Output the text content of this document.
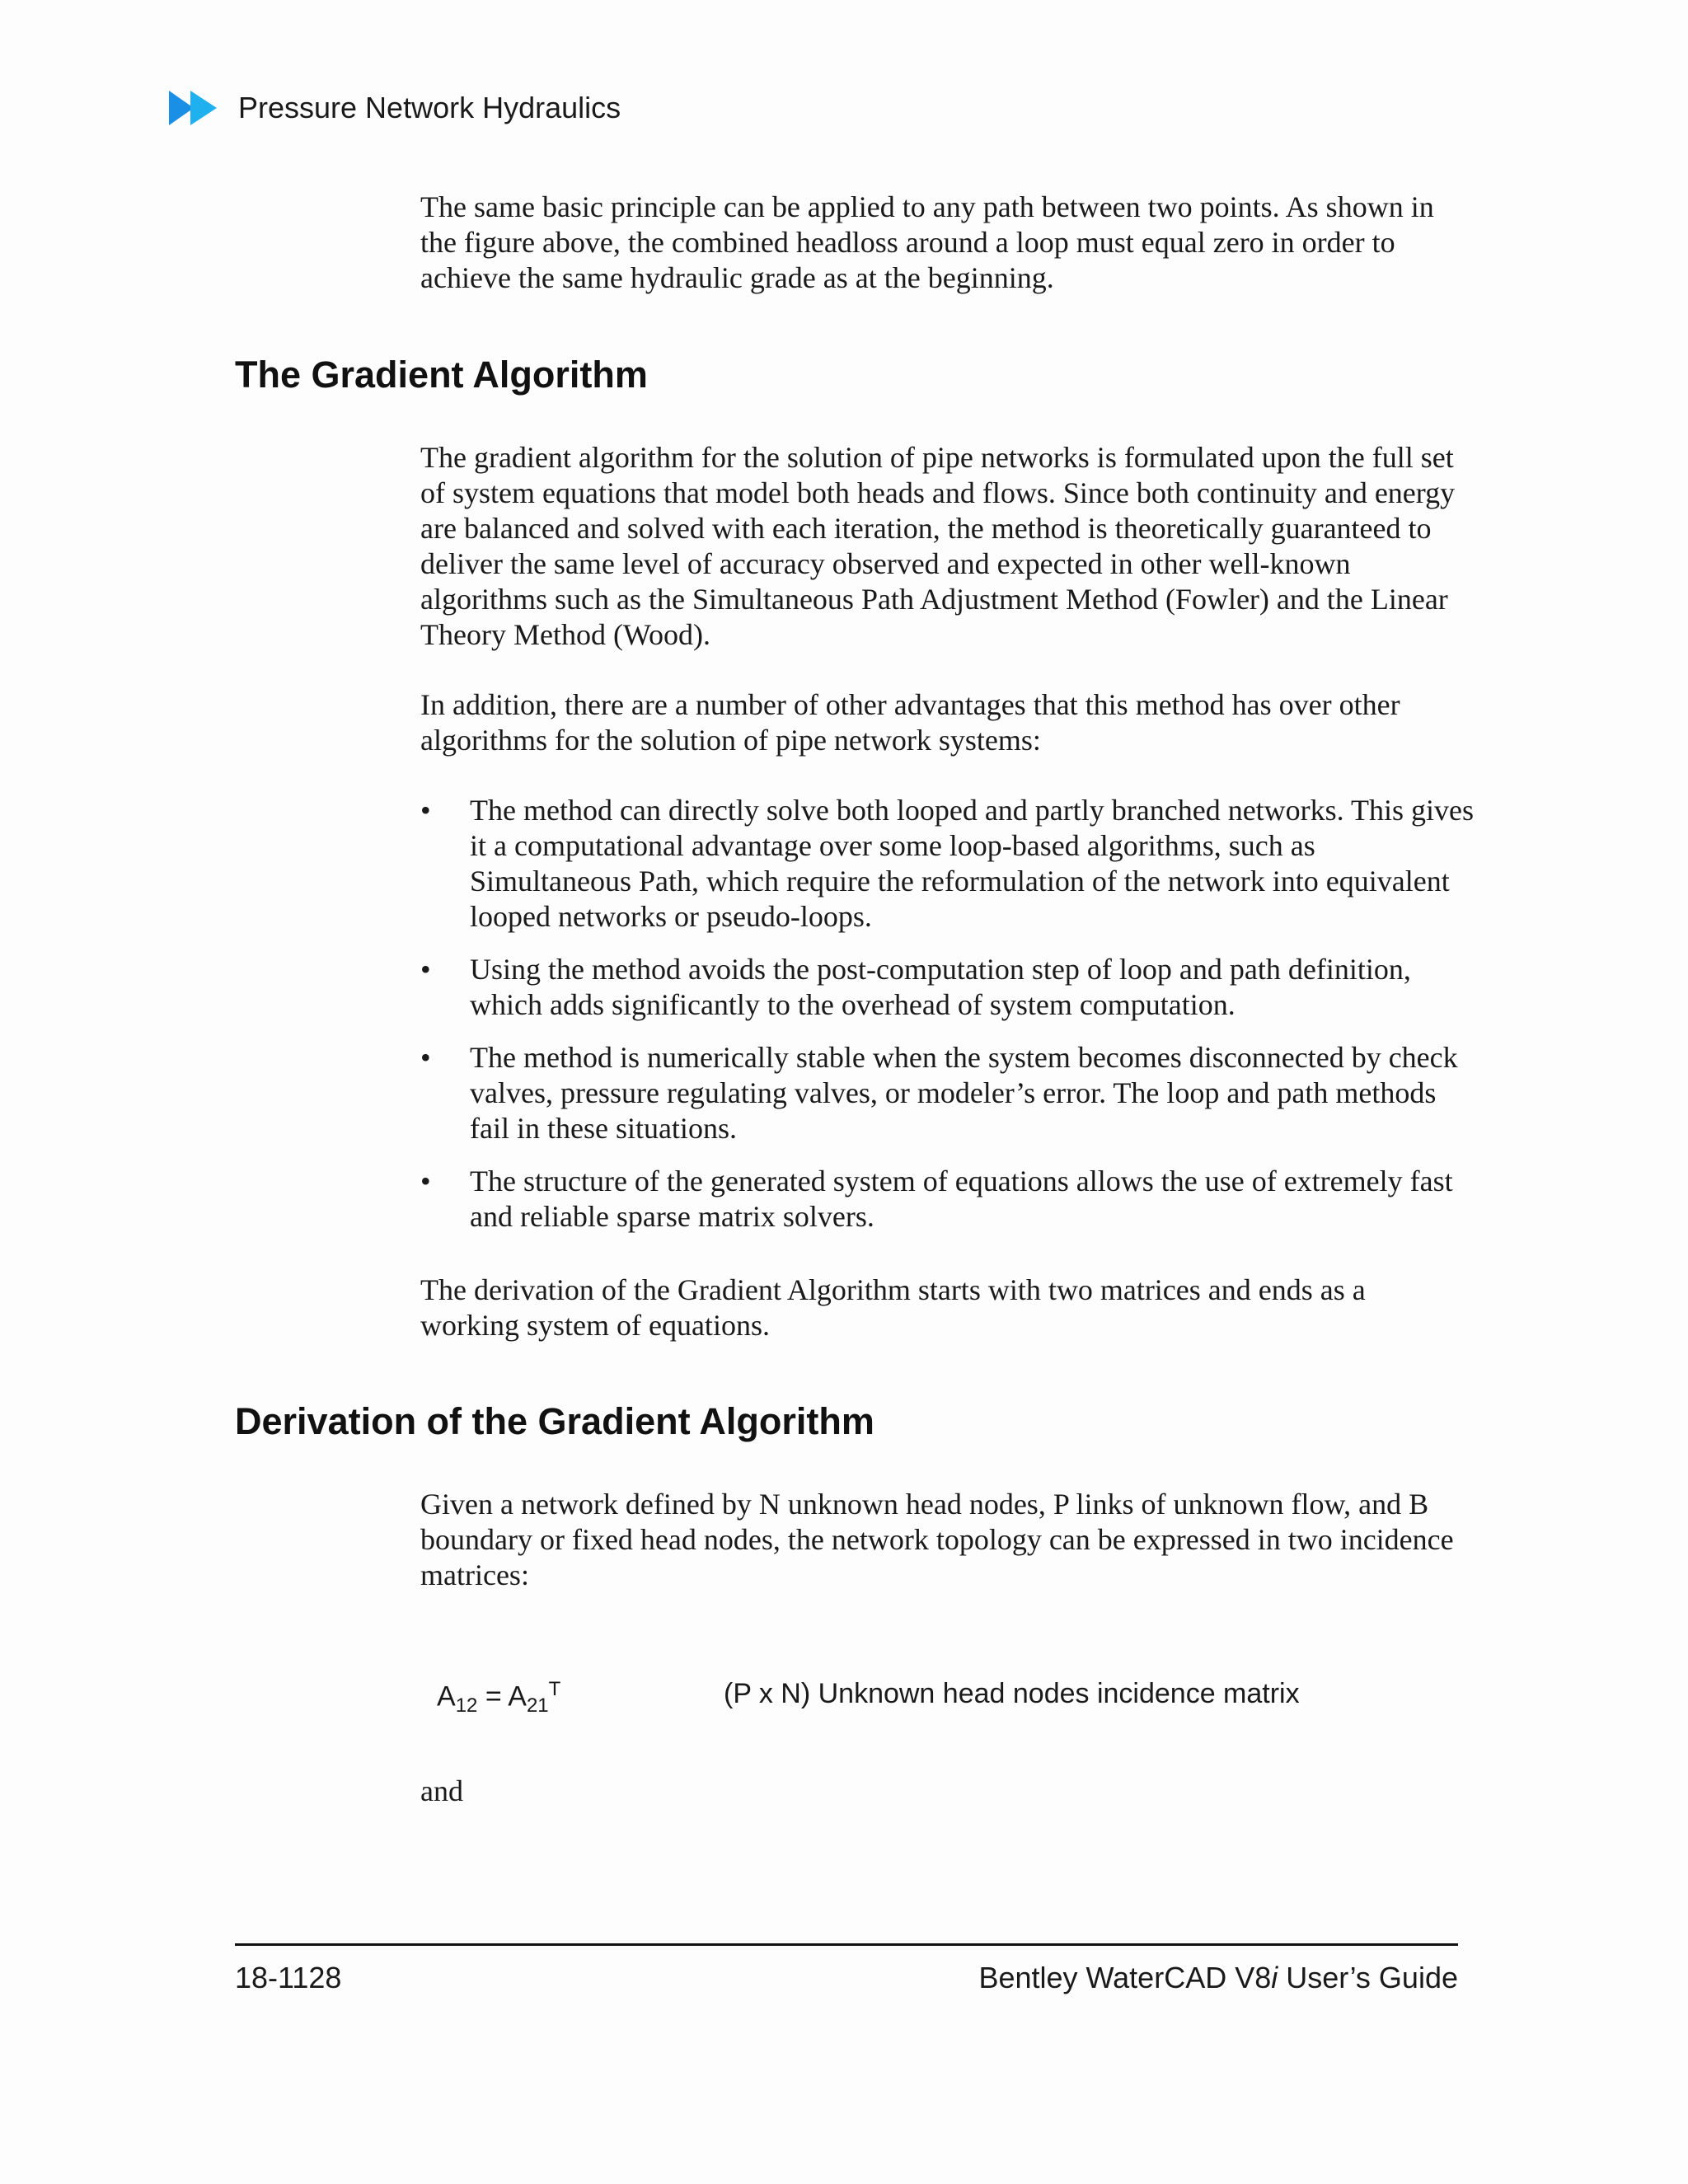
Pressure Network Hydraulics

The same basic principle can be applied to any path between two points. As shown in the figure above, the combined headloss around a loop must equal zero in order to achieve the same hydraulic grade as at the beginning.

The Gradient Algorithm

The gradient algorithm for the solution of pipe networks is formulated upon the full set of system equations that model both heads and flows. Since both continuity and energy are balanced and solved with each iteration, the method is theoretically guaranteed to deliver the same level of accuracy observed and expected in other well-known algorithms such as the Simultaneous Path Adjustment Method (Fowler) and the Linear Theory Method (Wood).

In addition, there are a number of other advantages that this method has over other algorithms for the solution of pipe network systems:

• The method can directly solve both looped and partly branched networks. This gives it a computational advantage over some loop-based algorithms, such as Simultaneous Path, which require the reformulation of the network into equivalent looped networks or pseudo-loops.
• Using the method avoids the post-computation step of loop and path definition, which adds significantly to the overhead of system computation.
• The method is numerically stable when the system becomes disconnected by check valves, pressure regulating valves, or modeler’s error. The loop and path methods fail in these situations.
• The structure of the generated system of equations allows the use of extremely fast and reliable sparse matrix solvers.

The derivation of the Gradient Algorithm starts with two matrices and ends as a working system of equations.

Derivation of the Gradient Algorithm

Given a network defined by N unknown head nodes, P links of unknown flow, and B boundary or fixed head nodes, the network topology can be expressed in two incidence matrices:

$A_{12} = A_{21}^T$	(P x N) Unknown head nodes incidence matrix

and

18-1128	Bentley WaterCAD V8i User’s Guide
